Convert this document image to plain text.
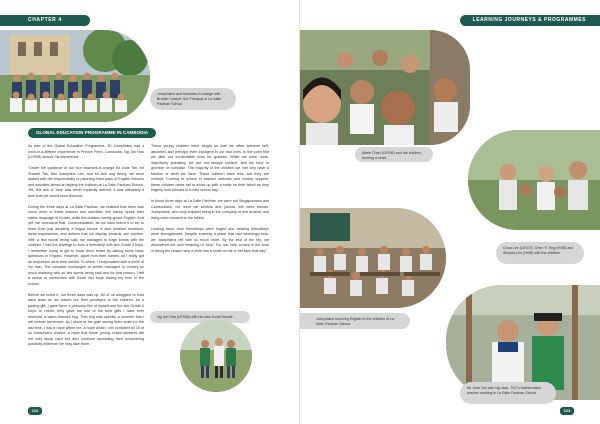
CHAPTER 4
Josephians and teachers-in-charge with Brother Joseph, the Principal of La Salle Paulhan School
GLOBAL EDUCATION PROGRAMME IN CAMBODIA

As part of the Global Education Programme, 30 Josephians had a once-in-a-lifetime experience in Phnom Penh, Cambodia. Ng Jun Han (LES08) shares his experience:

“Under the guidance of our four teachers-in-charge Mr Jude Tan, Mr Russell Tan, Mrs Josephine Lee, and Mr Ash ang Wong, we were tasked with the responsibility of planning three days of English lessons and activities aimed at helping the children at La Salle Paulhan School. Yet, this aim of ‘help’ was never explicitly defined, it was ultimately a term that we would soon discover.

During the three days at La Salle Paulhan, we realised that there was much more to these lessons and activities. We barely spoke their native language of Khmer, while the children barely spoke English. And yet, we overcame that. Communication, as we have learnt it to be, is more than just adopting a lingua franca. It also entailed emotions, facial expressions, and actions that we display towards one another. With a few words being said, we managed to forge bonds with the children. I had the privilege to form a friendship with two Grade 4 boys. I remember trying to get to know them better by asking some basic questions in English. However, apart from their names, all I really got as responses were their smiles. To which, I reciprocated with a smile of my own. The constant exchanges of smiles managed to convey so much meaning with so few words being said and for that reason, I felt a sense of connection with those two boys during my time in the school.

Before we knew it, our three days was up. All of us struggled to hold back tears as we waved our final goodbyes to the children. As a parting gift, I gave them a personal film of myself and the two Grade 4 boys. In return, they gave me one of the best gifts I have ever received, a warm farewell hug. That hug was special, a moment that I will forever remember. As I stood at the gate seeing them smile for the last time, I had a hope within me. A hope which I am confident all 30 of us Josephians shared, a hope that these young, bright students will not only study hard but also continue spreading their unwavering positivity wherever life may take them.

These young children have taught us that we often become self-absorbed and perhaps even indulgent in our own lives, to the point that we take our comfortable lives for granted. While we have more, objectively speaking, we are not always content, and we tend to grumble or complain. The majority of the children we met only have a fraction of what we have. These children have less, but they are content. Coming to school in stained uniforms and muddy slippers, these children never fail to show up with a smile on their faces as they eagerly look forward to a new school day.

In those three days at La Salle Paulhan, we were not Singaporeans and Cambodians, nor were we seniors and juniors. We were friends. Josephians, who truly enjoyed being in the company of one another and living each moment to the fullest.

Looking back, new friendships were forged and existing friendships were strengthened. Despite entering a place that had seemingly less, we Josephians left with so much more. By the end of the trip, we discovered our own meaning of ‘help’. For me, help comes in the form of being the reason why a child has a smile on his or her face that day.”

Ng Jun Han (LES08) with his new found friends
122
LEARNING JOURNEYS & PROGRAMMES
Marie Chan (LES06) and the children forming a heart
Chua Lee (LES07), Chen Yi Ying (HI08) and Sheyna Lee (HI08) with the children
Josephians teaching English to the children of La Salle Paulhan School
Mr Jude Tan with Ng Jack, TSC's Mathematics teacher working in La Salle Paulhan School
123
